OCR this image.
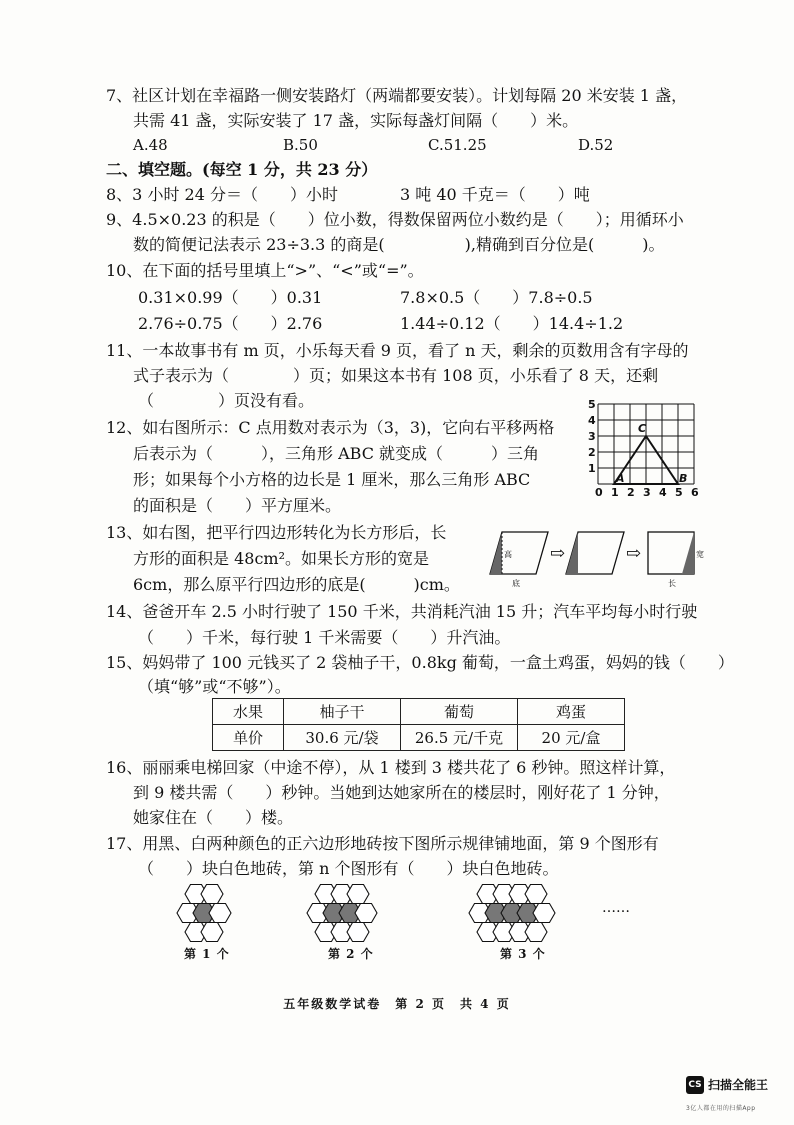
7、社区计划在幸福路一侧安装路灯（两端都要安装）。计划每隔 20 米安装 1 盏，
共需 41 盏，实际安装了 17 盏，实际每盏灯间隔（　　）米。
A.48	B.50	C.51.25	D.52
二、填空题。(每空 1 分，共 23 分）
8、3 小时 24 分＝（　　）小时	3 吨 40 千克＝（　　）吨
9、4.5×0.23 的积是（　　）位小数，得数保留两位小数约是（　　）；用循环小
数的简便记法表示 23÷3.3 的商是(　　　　　),精确到百分位是(　　　)。
10、在下面的括号里填上“>”、“<”或“=”。
0.31×0.99（　　）0.31	7.8×0.5（　　）7.8÷0.5
2.76÷0.75（　　）2.76	1.44÷0.12（　　）14.4÷1.2
11、一本故事书有 m 页，小乐每天看 9 页，看了 n 天，剩余的页数用含有字母的
式子表示为（　　　　）页；如果这本书有 108 页，小乐看了 8 天，还剩
（　　　　）页没有看。
12、如右图所示：C 点用数对表示为（3，3)，它向右平移两格
后表示为（　　　），三角形 ABC 就变成（　　　）三角
形；如果每个小方格的边长是 1 厘米，那么三角形 ABC
的面积是（　　）平方厘米。
5
4
3
2
1
0 1 2 3 4 5 6
C
A	B
13、如右图，把平行四边形转化为长方形后，长
方形的面积是 48cm²。如果长方形的宽是
6cm，那么原平行四边形的底是(　　　)cm。
高
底
⇨	⇨	宽
长
14、爸爸开车 2.5 小时行驶了 150 千米，共消耗汽油 15 升；汽车平均每小时行驶
（　　）千米，每行驶 1 千米需要（　　）升汽油。
15、妈妈带了 100 元钱买了 2 袋柚子干，0.8kg 葡萄，一盒土鸡蛋，妈妈的钱（　　）
（填“够”或“不够”）。
水果	柚子干	葡萄	鸡蛋
单价	30.6 元/袋	26.5 元/千克	20 元/盒
16、丽丽乘电梯回家（中途不停），从 1 楼到 3 楼共花了 6 秒钟。照这样计算，
到 9 楼共需（　　）秒钟。当她到达她家所在的楼层时，刚好花了 1 分钟，
她家住在（　　）楼。
17、用黑、白两种颜色的正六边形地砖按下图所示规律铺地面，第 9 个图形有
（　　）块白色地砖，第 n 个图形有（　　）块白色地砖。
……
第 1 个	第 2 个	第 3 个
五年级数学试卷　第 2 页　共 4 页
CS 扫描全能王
3亿人都在用的扫描App
